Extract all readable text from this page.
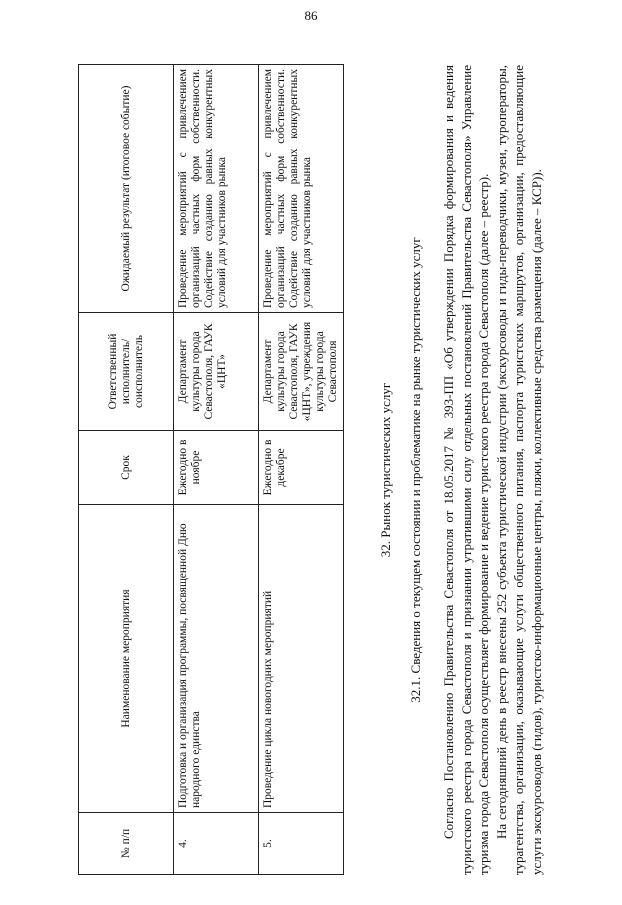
86
№ п/п	Наименование мероприятия	Срок	Ответственный исполнитель/ соисполнитель	Ожидаемый результат (итоговое событие)
4.	Подготовка и организация программы, посвященной Дню народного единства	Ежегодно в ноябре	Департамент культуры города Севастополя, ГАУК «ЦНТ»	Проведение мероприятий с привлечением организаций частных форм собственности. Содействие созданию равных конкурентных условий для участников рынка
5.	Проведение цикла новогодних мероприятий	Ежегодно в декабре	Департамент культуры города Севастополя, ГАУК «ЦНТ», учреждения культуры города Севастополя	Проведение мероприятий с привлечением организаций частных форм собственности. Содействие созданию равных конкурентных условий для участников рынка
32. Рынок туристических услуг 32.1. Сведения о текущем состоянии и проблематике на рынке туристических услуг Согласно Постановлению Правительства Севастополя от 18.05.2017 № 393-ПП «Об утверждении Порядка формирования и ведения туристского реестра города Севастополя и признании утратившими силу отдельных постановлений Правительства Севастополя» Управление туризма города Севастополя осуществляет формирование и ведение туристского реестра города Севастополя (далее – реестр). На сегодняшний день в реестр внесены 252 субъекта туристической индустрии (экскурсоводы и гиды-переводчики, музеи, туроператоры, турагентства, организации, оказывающие услуги общественного питания, паспорта туристских маршрутов, организации, предоставляющие услуги экскурсоводов (гидов), туристско-информационные центры, пляжи, коллективные средства размещения (далее – КСР)).
